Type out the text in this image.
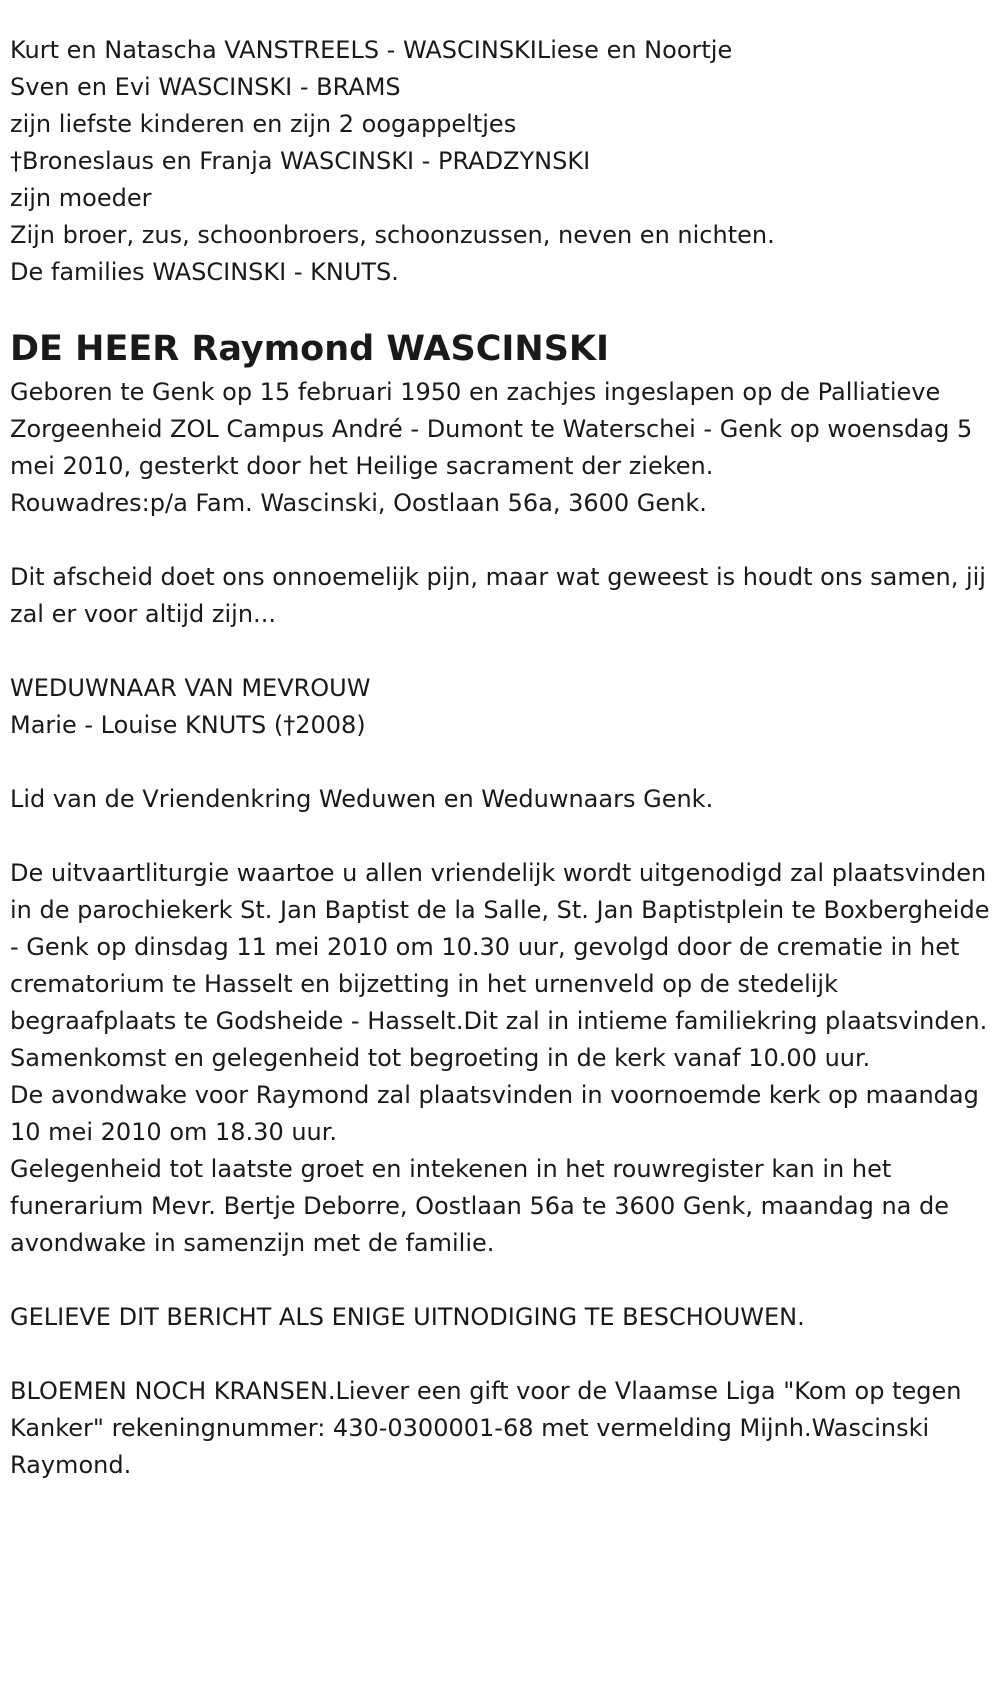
Kurt en Natascha VANSTREELS - WASCINSKILiese en Noortje
Sven en Evi WASCINSKI - BRAMS
zijn liefste kinderen en zijn 2 oogappeltjes
†Broneslaus en Franja WASCINSKI - PRADZYNSKI
zijn moeder
Zijn broer, zus, schoonbroers, schoonzussen, neven en nichten.
De families WASCINSKI - KNUTS.
DE HEER Raymond WASCINSKI
Geboren te Genk op 15 februari 1950 en zachjes ingeslapen op de Palliatieve Zorgeenheid ZOL Campus André - Dumont te Waterschei - Genk op woensdag 5 mei 2010, gesterkt door het Heilige sacrament der zieken.
Rouwadres:p/a Fam. Wascinski, Oostlaan 56a, 3600 Genk.
Dit afscheid doet ons onnoemelijk pijn, maar wat geweest is houdt ons samen, jij zal er voor altijd zijn...
WEDUWNAAR VAN MEVROUW
Marie - Louise KNUTS (†2008)
Lid van de Vriendenkring Weduwen en Weduwnaars Genk.
De uitvaartliturgie waartoe u allen vriendelijk wordt uitgenodigd zal plaatsvinden in de parochiekerk St. Jan Baptist de la Salle, St. Jan Baptistplein te Boxbergheide - Genk op dinsdag 11 mei 2010 om 10.30 uur, gevolgd door de crematie in het crematorium te Hasselt en bijzetting in het urnenveld op de stedelijk begraafplaats te Godsheide - Hasselt.Dit zal in intieme familiekring plaatsvinden.
Samenkomst en gelegenheid tot begroeting in de kerk vanaf 10.00 uur.
De avondwake voor Raymond zal plaatsvinden in voornoemde kerk op maandag 10 mei 2010 om 18.30 uur.
Gelegenheid tot laatste groet en intekenen in het rouwregister kan in het funerarium Mevr. Bertje Deborre, Oostlaan 56a te 3600 Genk, maandag na de avondwake in samenzijn met de familie.
GELIEVE DIT BERICHT ALS ENIGE UITNODIGING TE BESCHOUWEN.
BLOEMEN NOCH KRANSEN.Liever een gift voor de Vlaamse Liga "Kom op tegen Kanker" rekeningnummer: 430-0300001-68 met vermelding Mijnh.Wascinski Raymond.
